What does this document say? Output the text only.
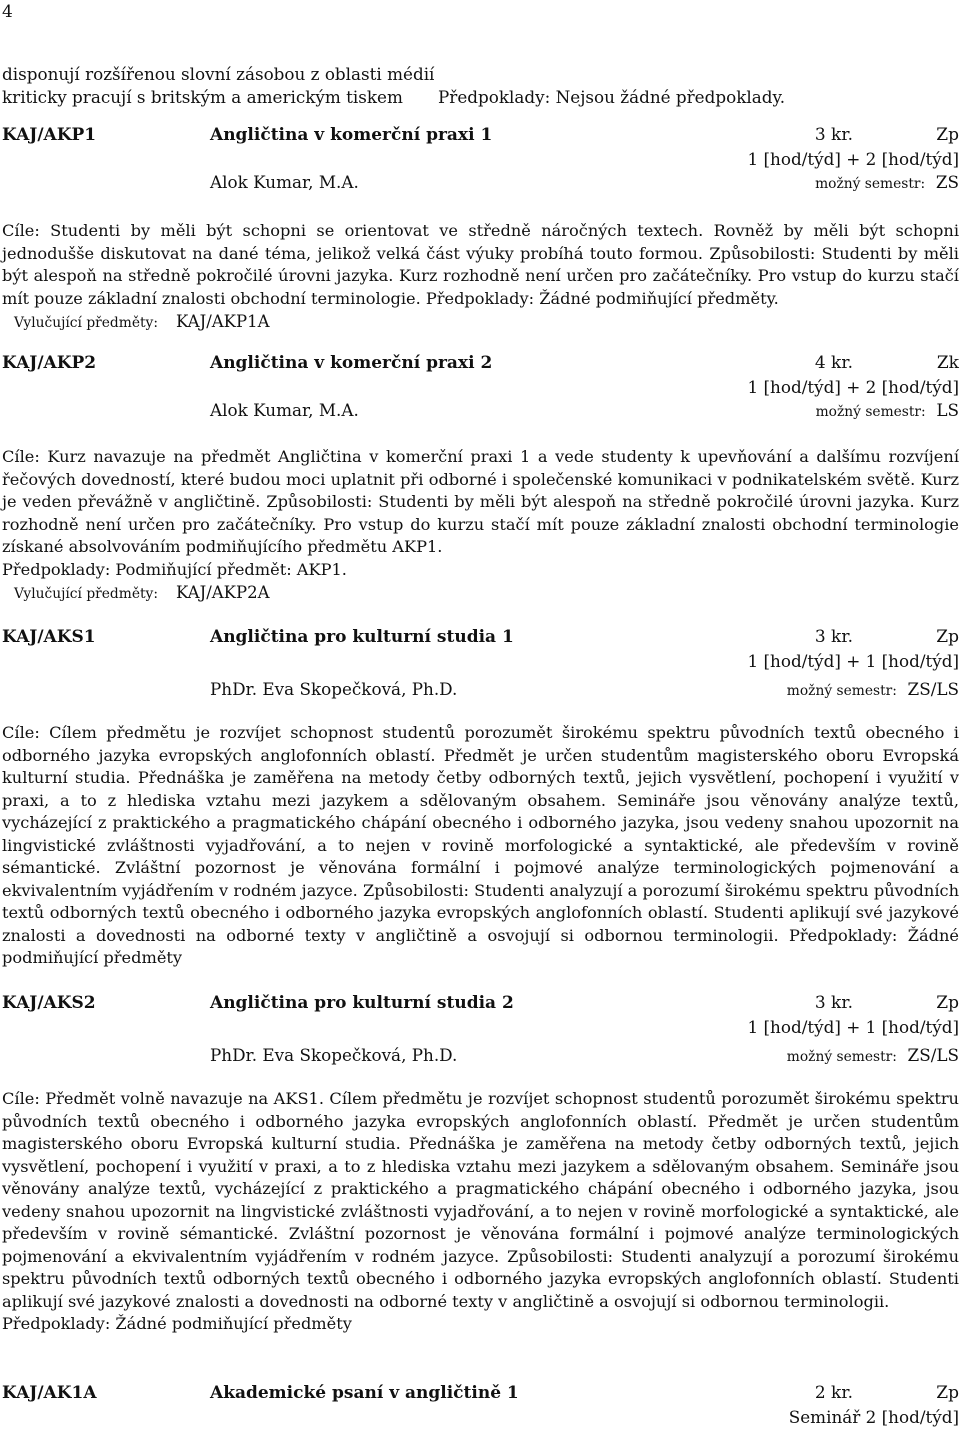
4
disponují rozšířenou slovní zásobou z oblasti médií
kriticky pracují s britským a americkým tiskem Předpoklady: Nejsou žádné předpoklady.
KAJ/AKP1	Angličtina v komerční praxi 1	3 kr.	Zp
1 [hod/týd] + 2 [hod/týd]
Alok Kumar, M.A.	možný semestr: ZS

Cíle: Studenti by měli být schopni se orientovat ve středně náročných textech. Rovněž by měli být schopni jednodušše diskutovat na dané téma, jelikož velká část výuky probíhá touto formou. Způsobilosti: Studenti by měli být alespoň na středně pokročilé úrovni jazyka. Kurz rozhodně není určen pro začátečníky. Pro vstup do kurzu stačí mít pouze základní znalosti obchodní terminologie. Předpoklady: Žádné podmiňující předměty.

Vylučující předměty: KAJ/AKP1A
KAJ/AKP2	Angličtina v komerční praxi 2	4 kr.	Zk
1 [hod/týd] + 2 [hod/týd]
Alok Kumar, M.A.	možný semestr: LS

Cíle: Kurz navazuje na předmět Angličtina v komerční praxi 1 a vede studenty k upevňování a dalšímu rozvíjení řečových dovedností, které budou moci uplatnit při odborné i společenské komunikaci v podnikatelském světě. Kurz je veden převážně v angličtině. Způsobilosti: Studenti by měli být alespoň na středně pokročilé úrovni jazyka. Kurz rozhodně není určen pro začátečníky. Pro vstup do kurzu stačí mít pouze základní znalosti obchodní terminologie získané absolvováním podmiňujícího předmětu AKP1.

Předpoklady: Podmiňující předmět: AKP1.

Vylučující předměty: KAJ/AKP2A
KAJ/AKS1	Angličtina pro kulturní studia 1	3 kr.	Zp
1 [hod/týd] + 1 [hod/týd]
PhDr. Eva Skopečková, Ph.D.	možný semestr: ZS/LS

Cíle: Cílem předmětu je rozvíjet schopnost studentů porozumět širokému spektru původních textů obecného i odborného jazyka evropských anglofonních oblastí. Předmět je určen studentům magisterského oboru Evropská kulturní studia. Přednáška je zaměřena na metody četby odborných textů, jejich vysvětlení, pochopení i využití v praxi, a to z hlediska vztahu mezi jazykem a sdělovaným obsahem. Semináře jsou věnovány analýze textů, vycházející z praktického a pragmatického chápání obecného i odborného jazyka, jsou vedeny snahou upozornit na lingvistické zvláštnosti vyjadřování, a to nejen v rovině morfologické a syntaktické, ale především v rovině sémantické. Zvláštní pozornost je věnována formální i pojmové analýze terminologických pojmenování a ekvivalentním vyjádřením v rodném jazyce. Způsobilosti: Studenti analyzují a porozumí širokému spektru původních textů odborných textů obecného i odborného jazyka evropských anglofonních oblastí. Studenti aplikují své jazykové znalosti a dovednosti na odborné texty v angličtině a osvojují si odbornou terminologii. Předpoklady: Žádné podmiňující předměty

KAJ/AKS2	Angličtina pro kulturní studia 2	3 kr.	Zp
1 [hod/týd] + 1 [hod/týd]
PhDr. Eva Skopečková, Ph.D.	možný semestr: ZS/LS

Cíle: Předmět volně navazuje na AKS1. Cílem předmětu je rozvíjet schopnost studentů porozumět širokému spektru původních textů obecného i odborného jazyka evropských anglofonních oblastí. Předmět je určen studentům magisterského oboru Evropská kulturní studia. Přednáška je zaměřena na metody četby odborných textů, jejich vysvětlení, pochopení i využití v praxi, a to z hlediska vztahu mezi jazykem a sdělovaným obsahem. Semináře jsou věnovány analýze textů, vycházející z praktického a pragmatického chápání obecného i odborného jazyka, jsou vedeny snahou upozornit na lingvistické zvláštnosti vyjadřování, a to nejen v rovině morfologické a syntaktické, ale především v rovině sémantické. Zvláštní pozornost je věnována formální i pojmové analýze terminologických pojmenování a ekvivalentním vyjádřením v rodném jazyce. Způsobilosti: Studenti analyzují a porozumí širokému spektru původních textů odborných textů obecného i odborného jazyka evropských anglofonních oblastí. Studenti aplikují své jazykové znalosti a dovednosti na odborné texty v angličtině a osvojují si odbornou terminologii.

Předpoklady: Žádné podmiňující předměty

KAJ/AK1A	Akademické psaní v angličtině 1	2 kr.	Zp
Seminář 2 [hod/týd]
